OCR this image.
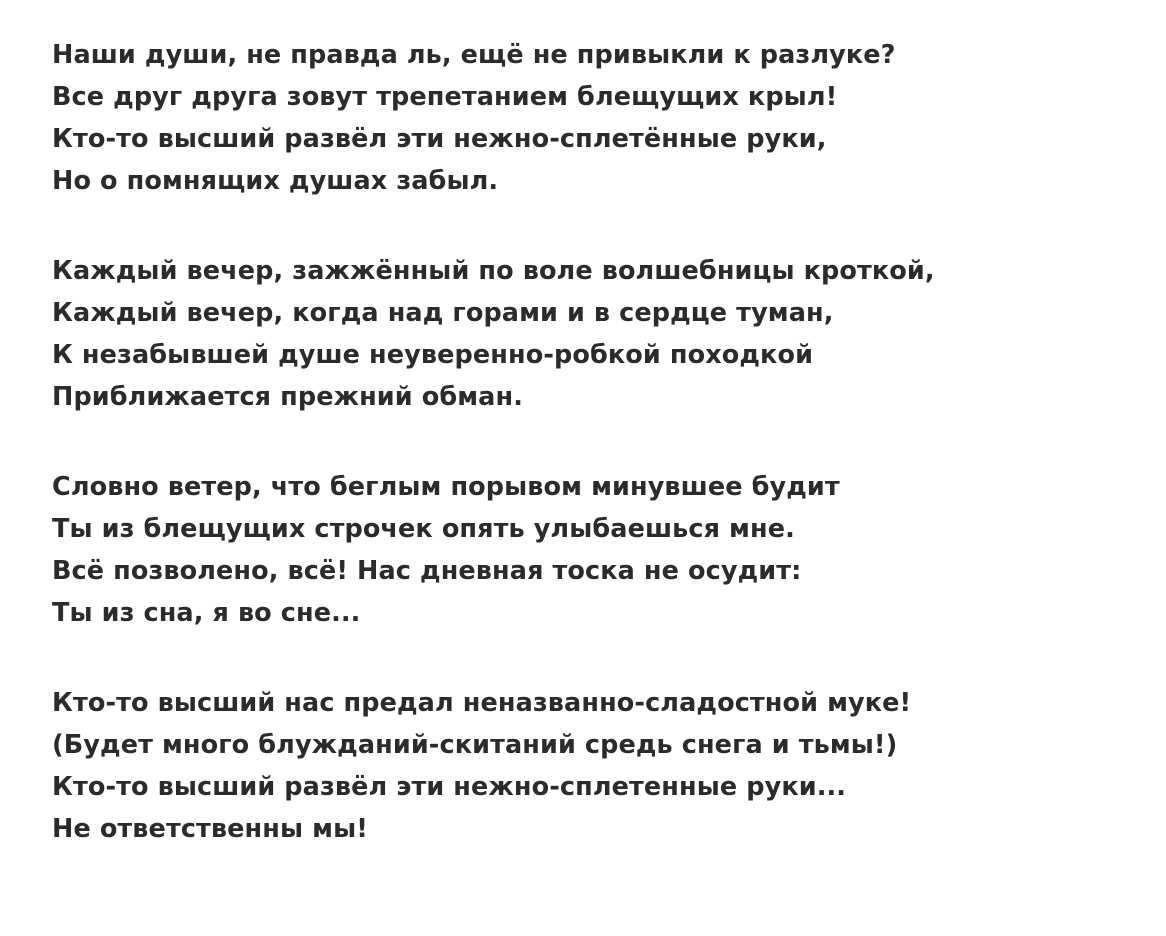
Наши души, не правда ль, ещё не привыкли к разлуке?
Все друг друга зовут трепетанием блещущих крыл!
Кто-то высший развёл эти нежно-сплетённые руки,
Но о помнящих душах забыл.
Каждый вечер, зажжённый по воле волшебницы кроткой,
Каждый вечер, когда над горами и в сердце туман,
К незабывшей душе неуверенно-робкой походкой
Приближается прежний обман.
Словно ветер, что беглым порывом минувшее будит
Ты из блещущих строчек опять улыбаешься мне.
Всё позволено, всё! Нас дневная тоска не осудит:
Ты из сна, я во сне...
Кто-то высший нас предал неназванно-сладостной муке!
(Будет много блужданий-скитаний средь снега и тьмы!)
Кто-то высший развёл эти нежно-сплетенные руки...
Не ответственны мы!
